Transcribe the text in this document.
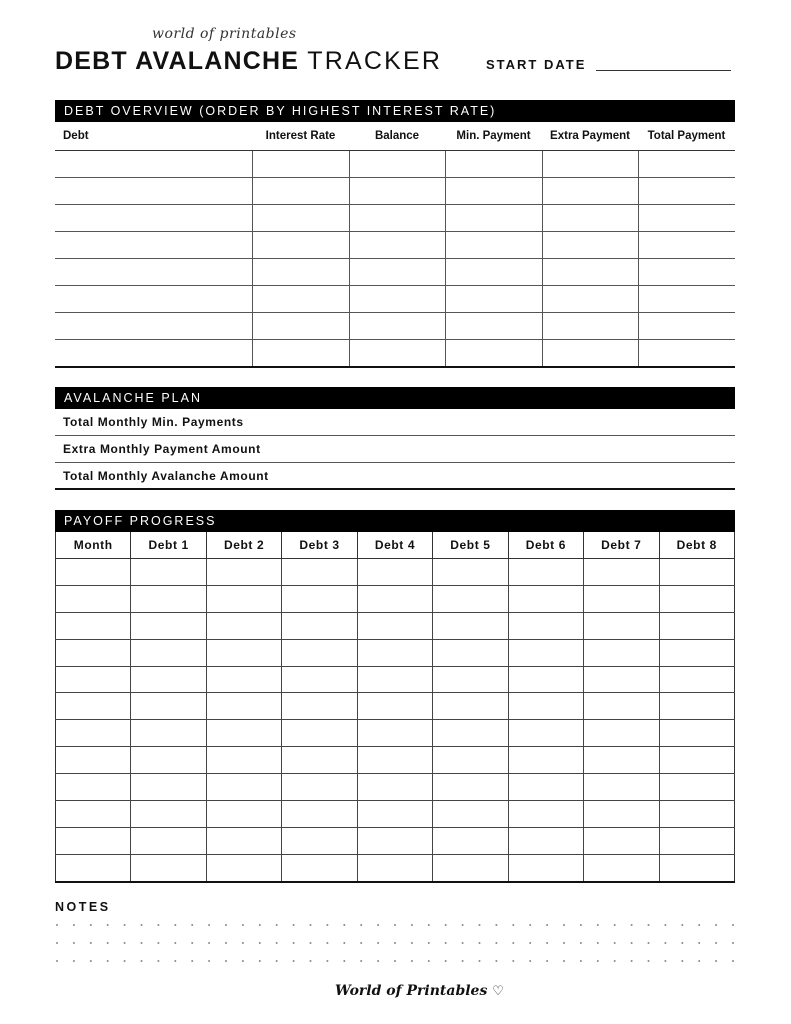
world of printables
DEBT AVALANCHE TRACKER	START DATE
DEBT OVERVIEW (ORDER BY HIGHEST INTEREST RATE)
Debt	Interest Rate	Balance	Min. Payment	Extra Payment	Total Payment

AVALANCHE PLAN
Total Monthly Min. Payments
Extra Monthly Payment Amount
Total Monthly Avalanche Amount
PAYOFF PROGRESS
Month	Debt 1	Debt 2	Debt 3	Debt 4	Debt 5	Debt 6	Debt 7	Debt 8

NOTES
World of Printables ♡
